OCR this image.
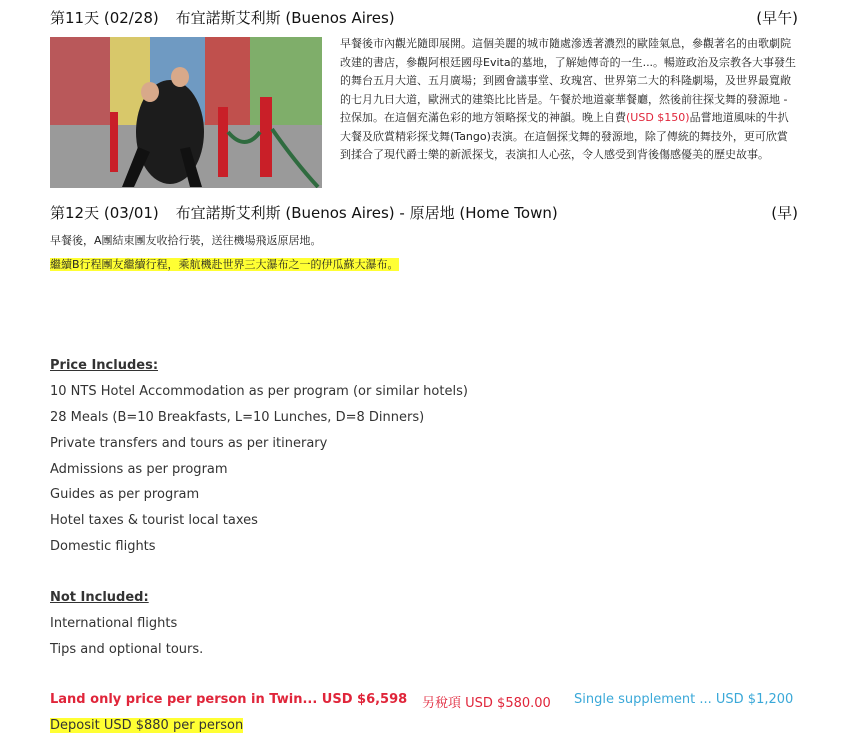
第11天 (02/28) 布宜諾斯艾利斯 (Buenos Aires)	(早午)
早餐後市內觀光隨即展開。這個美麗的城市隨處滲透著濃烈的歐陸氣息，參觀著名的由歌劇院改建的書店，參觀阿根廷國母Evita的墓地，了解她傳奇的一生...。暢遊政治及宗教各大事發生的舞台五月大道、五月廣場；到國會議事堂、玫瑰宮、世界第二大的科隆劇場，及世界最寬敞的七月九日大道，歐洲式的建築比比皆是。午餐於地道豪華餐廳，然後前往探戈舞的發源地 - 拉保加。在這個充滿色彩的地方領略探戈的神韻。晚上自費(USD $150)品嘗地道風味的牛扒大餐及欣賞精彩探戈舞(Tango)表演。在這個探戈舞的發源地，除了傳統的舞技外，更可欣賞到揉合了現代爵士樂的新派探戈，表演扣人心弦，令人感受到背後傷感優美的歷史故事。
第12天 (03/01) 布宜諾斯艾利斯 (Buenos Aires) - 原居地 (Home Town)	(早)
早餐後，A團結束團友收拾行裝，送往機場飛返原居地。
繼續B行程團友繼續行程，乘航機赴世界三大瀑布之一的伊瓜蘇大瀑布。
Price Includes:
10 NTS Hotel Accommodation as per program (or similar hotels)
28 Meals (B=10 Breakfasts, L=10 Lunches, D=8 Dinners)
Private transfers and tours as per itinerary
Admissions as per program
Guides as per program
Hotel taxes & tourist local taxes
Domestic flights
Not Included:
International flights
Tips and optional tours.
Land only price per person in Twin... USD $6,598 另稅項 USD $580.00 Single supplement ... USD $1,200
Deposit USD $880 per person
